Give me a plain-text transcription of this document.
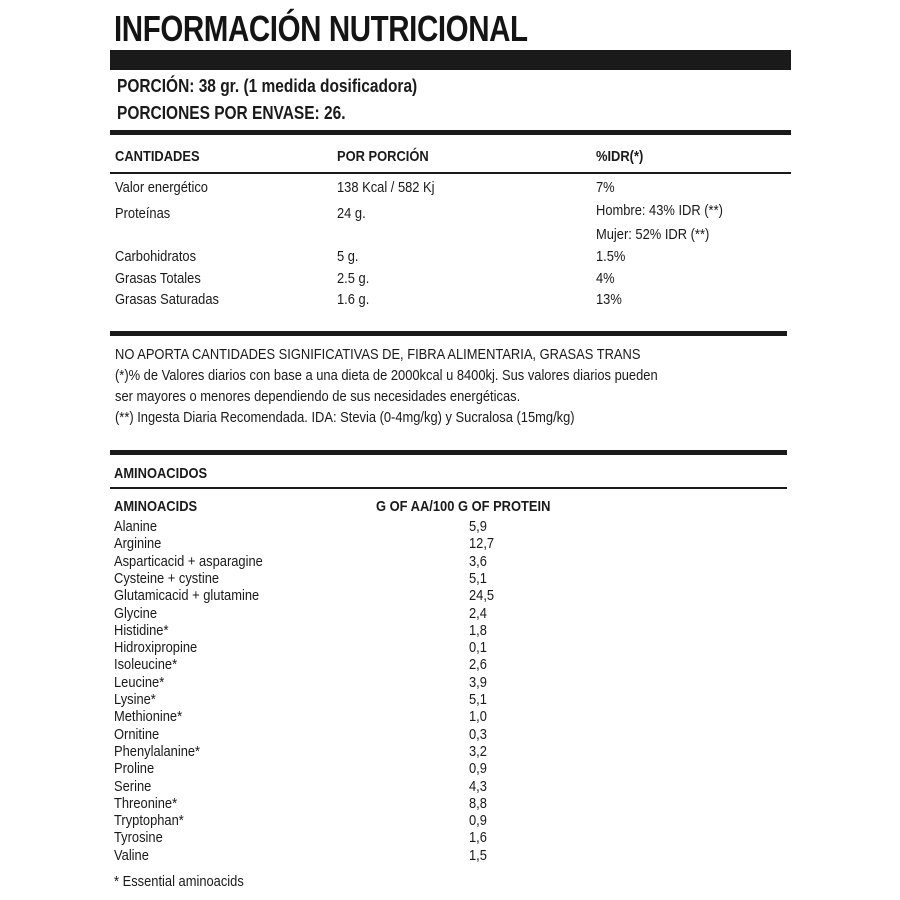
INFORMACIÓN NUTRICIONAL
PORCIÓN: 38 gr. (1 medida dosificadora)
PORCIONES POR ENVASE: 26.
CANTIDADES	POR PORCIÓN	%IDR(*)
Valor energético	138 Kcal / 582 Kj	7%
Proteínas	24 g.	Hombre: 43% IDR (**)
Mujer: 52% IDR (**)
Carbohidratos	5 g.	1.5%
Grasas Totales	2.5 g.	4%
Grasas Saturadas	1.6 g.	13%
NO APORTA CANTIDADES SIGNIFICATIVAS DE, FIBRA ALIMENTARIA, GRASAS TRANS
(*)% de Valores diarios con base a una dieta de 2000kcal u 8400kj. Sus valores diarios pueden
ser mayores o menores dependiendo de sus necesidades energéticas.
(**) Ingesta Diaria Recomendada. IDA: Stevia (0-4mg/kg) y Sucralosa (15mg/kg)
AMINOACIDOS
AMINOACIDS	G OF AA/100 G OF PROTEIN
Alanine	5,9
Arginine	12,7
Asparticacid + asparagine	3,6
Cysteine + cystine	5,1
Glutamicacid + glutamine	24,5
Glycine	2,4
Histidine*	1,8
Hidroxipropine	0,1
Isoleucine*	2,6
Leucine*	3,9
Lysine*	5,1
Methionine*	1,0
Ornitine	0,3
Phenylalanine*	3,2
Proline	0,9
Serine	4,3
Threonine*	8,8
Tryptophan*	0,9
Tyrosine	1,6
Valine	1,5
* Essential aminoacids
